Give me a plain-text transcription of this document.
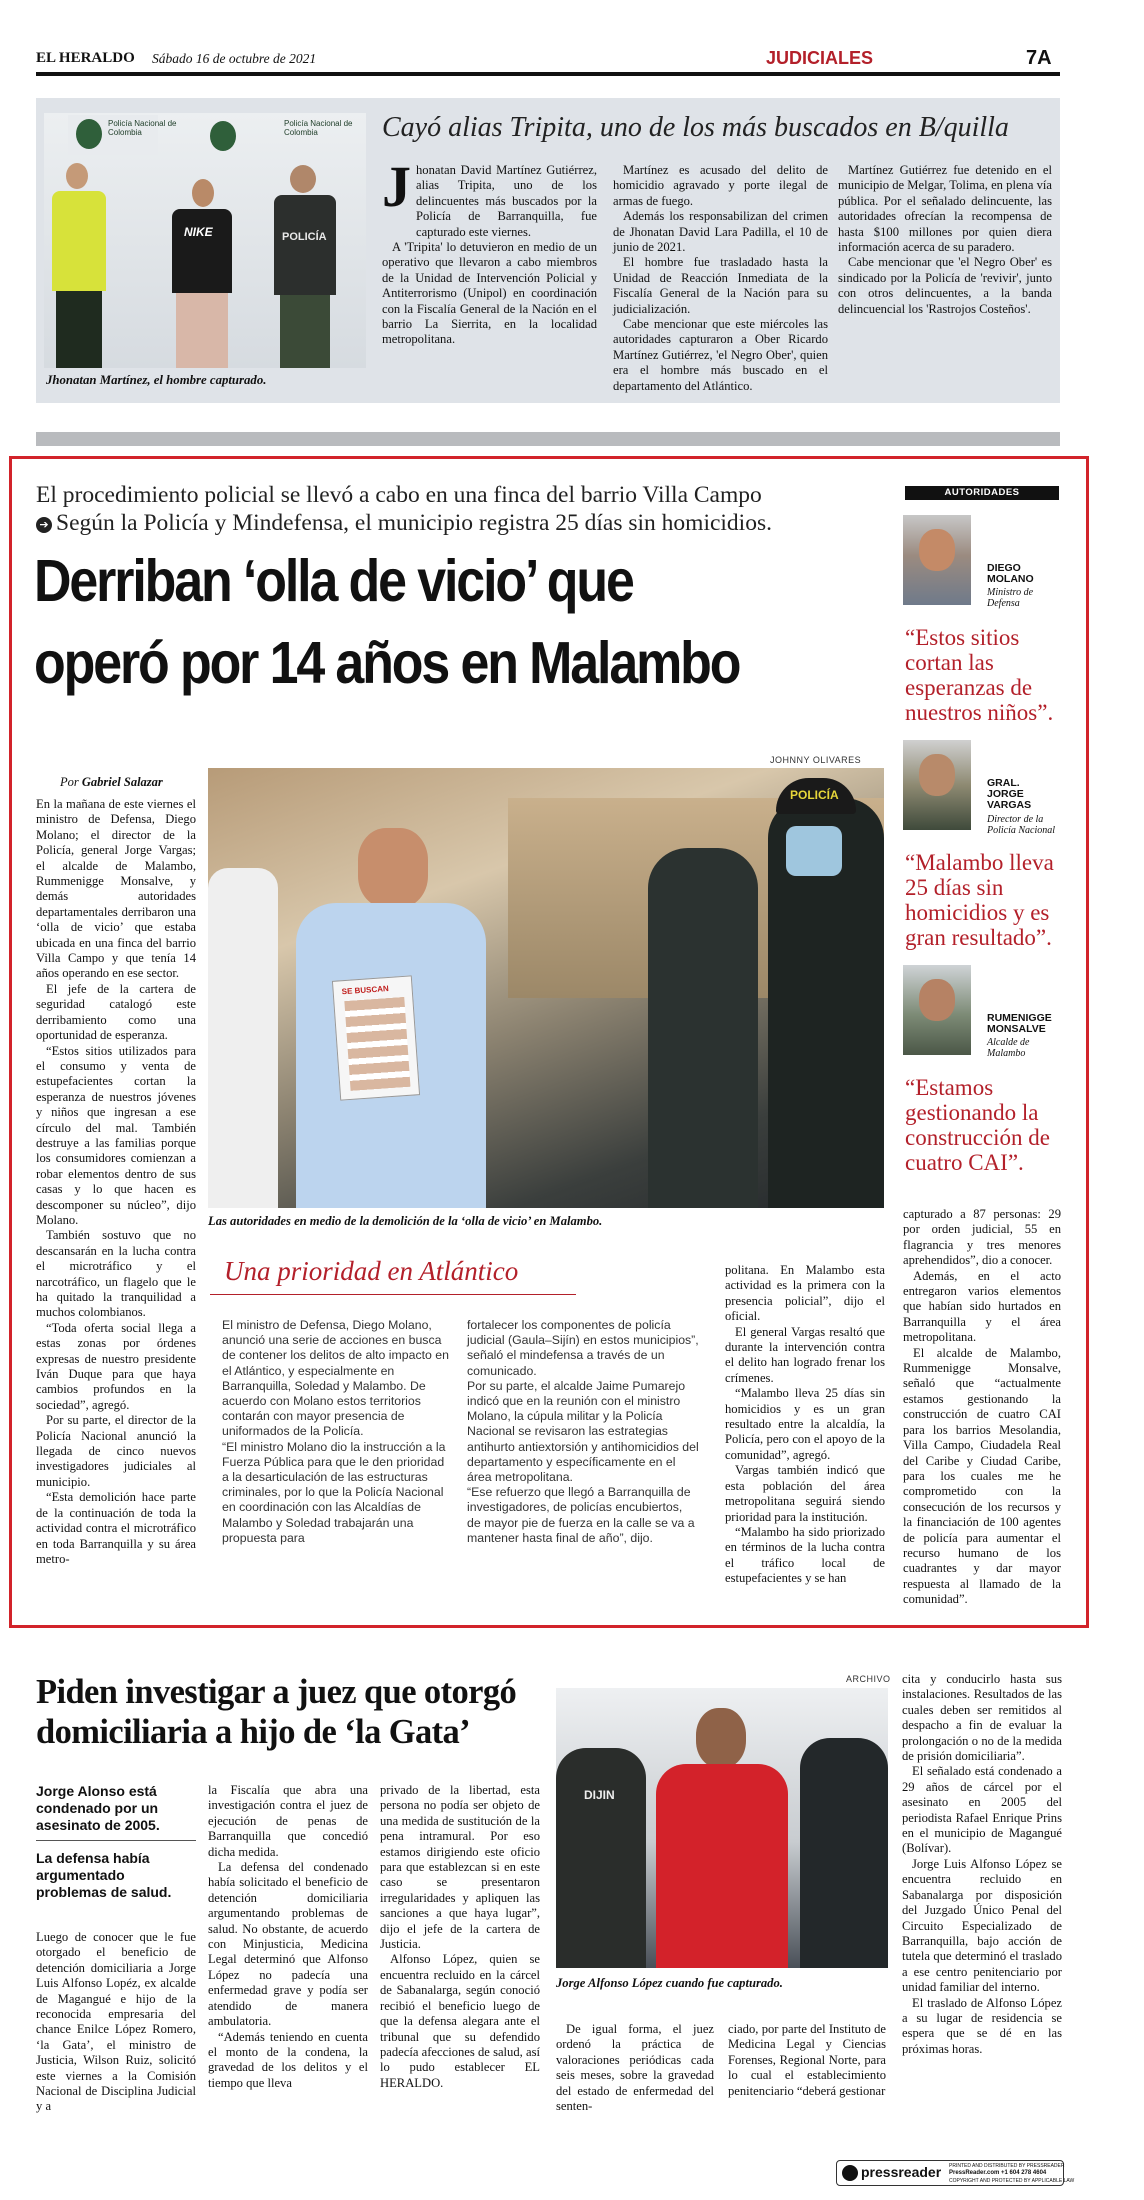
EL HERALDO Sábado 16 de octubre de 2021	JUDICIALES	7A
Policía Nacional de Colombia
Policía Nacional de Colombia
NIKE	POLICÍA
Jhonatan Martínez, el hombre capturado.
Cayó alias Tripita, uno de los más buscados en B/quilla
J honatan David Martínez Gutiérrez, alias Tripita, uno de los delincuentes más buscados por la Policía de Barranquilla, fue capturado este viernes.

A 'Tripita' lo detuvieron en medio de un operativo que llevaron a cabo miembros de la Unidad de Intervención Policial y Antiterrorismo (Unipol) en coordinación con la Fiscalía General de la Nación en el barrio La Sierrita, en la localidad metropolitana.

Martínez es acusado del delito de homicidio agravado y porte ilegal de armas de fuego.

Además los responsabilizan del crimen de Jhonatan David Lara Padilla, el 10 de junio de 2021.

El hombre fue trasladado hasta la Unidad de Reacción Inmediata de la Fiscalía General de la Nación para su judicialización.

Cabe mencionar que este miércoles las autoridades capturaron a Ober Ricardo Martínez Gutiérrez, 'el Negro Ober', quien era el hombre más buscado en el departamento del Atlántico.

Martínez Gutiérrez fue detenido en el municipio de Melgar, Tolima, en plena vía pública. Por el señalado delincuente, las autoridades ofrecían la recompensa de hasta $100 millones por quien diera información acerca de su paradero.

Cabe mencionar que 'el Negro Ober' es sindicado por la Policía de 'revivir', junto con otros delincuentes, a la banda delincuencial los 'Rastrojos Costeños'.

El procedimiento policial se llevó a cabo en una finca del barrio Villa Campo
➔ Según la Policía y Mindefensa, el municipio registra 25 días sin homicidios.
Derriban ‘olla de vicio’ que
operó por 14 años en Malambo
Por Gabriel Salazar
JOHNNY OLIVARES
SE BUSCAN
POLICÍA
Las autoridades en medio de la demolición de la ‘olla de vicio’ en Malambo.

En la mañana de este viernes el ministro de Defensa, Diego Molano; el director de la Policía, general Jorge Vargas; el alcalde de Malambo, Rummenigge Monsalve, y demás autoridades departamentales derribaron una ‘olla de vicio’ que estaba ubicada en una finca del barrio Villa Campo y que tenía 14 años operando en ese sector.

El jefe de la cartera de seguridad catalogó este derribamiento como una oportunidad de esperanza.

“Estos sitios utilizados para el consumo y venta de estupefacientes cortan la esperanza de nuestros jóvenes y niños que ingresan a ese círculo del mal. También destruye a las familias porque los consumidores comienzan a robar elementos dentro de sus casas y lo que hacen es descomponer su núcleo”, dijo Molano.

También sostuvo que no descansarán en la lucha contra el microtráfico y el narcotráfico, un flagelo que le ha quitado la tranquilidad a muchos colombianos.

“Toda oferta social llega a estas zonas por órdenes expresas de nuestro presidente Iván Duque para que haya cambios profundos en la sociedad”, agregó.

Por su parte, el director de la Policía Nacional anunció la llegada de cinco nuevos investigadores judiciales al municipio.

“Esta demolición hace parte de la continuación de toda la actividad contra el microtráfico en toda Barranquilla y su área metro-

Una prioridad en Atlántico
El ministro de Defensa, Diego Molano, anunció una serie de acciones en busca de contener los delitos de alto impacto en el Atlántico, y especialmente en Barranquilla, Soledad y Malambo. De acuerdo con Molano estos territorios contarán con mayor presencia de uniformados de la Policía.
“El ministro Molano dio la instrucción a la Fuerza Pública para que le den prioridad a la desarticulación de las estructuras criminales, por lo que la Policía Nacional en coordinación con las Alcaldías de Malambo y Soledad trabajarán una propuesta para
fortalecer los componentes de policía judicial (Gaula–Sijín) en estos municipios”, señaló el mindefensa a través de un comunicado.
Por su parte, el alcalde Jaime Pumarejo indicó que en la reunión con el ministro Molano, la cúpula militar y la Policía Nacional se revisaron las estrategias antihurto antiextorsión y antihomicidios del departamento y específicamente en el área metropolitana.
“Ese refuerzo que llegó a Barranquilla de investigadores, de policías encubiertos, de mayor pie de fuerza en la calle se va a mantener hasta final de año”, dijo.

politana. En Malambo esta actividad es la primera con la presencia policial”, dijo el oficial.

El general Vargas resaltó que durante la intervención contra el delito han logrado frenar los crímenes.

“Malambo lleva 25 días sin homicidios y es un gran resultado entre la alcaldía, la Policía, pero con el apoyo de la comunidad”, agregó.

Vargas también indicó que esta población del área metropolitana seguirá siendo prioridad para la institución.

“Malambo ha sido priorizado en términos de la lucha contra el tráfico local de estupefacientes y se han

capturado a 87 personas: 29 por orden judicial, 55 en flagrancia y tres menores aprehendidos”, dio a conocer.

Además, en el acto entregaron varios elementos que habían sido hurtados en Barranquilla y el área metropolitana.

El alcalde de Malambo, Rummenigge Monsalve, señaló que “actualmente estamos gestionando la construcción de cuatro CAI para los barrios Mesolandia, Villa Campo, Ciudadela Real del Caribe y Ciudad Caribe, para los cuales me he comprometido con la consecución de los recursos y la financiación de 100 agentes de policía para aumentar el recurso humano de los cuadrantes y dar mayor respuesta al llamado de la comunidad”.

AUTORIDADES
DIEGO MOLANO
Ministro de Defensa
“Estos sitios cortan las esperanzas de nuestros niños”.
GRAL. JORGE VARGAS
Director de la Policía Nacional
“Malambo lleva 25 días sin homicidios y es gran resultado”.
RUMENIGGE MONSALVE
Alcalde de Malambo
“Estamos gestionando la construcción de cuatro CAI”.
Piden investigar a juez que otorgó
domiciliaria a hijo de ‘la Gata’
Jorge Alonso está condenado por un asesinato de 2005.
La defensa había argumentado problemas de salud.

Luego de conocer que le fue otorgado el beneficio de detención domiciliaria a Jorge Luis Alfonso Lopéz, ex alcalde de Magangué e hijo de la reconocida empresaria del chance Enilce López Romero, ‘la Gata’, el ministro de Justicia, Wilson Ruiz, solicitó este viernes a la Comisión Nacional de Disciplina Judicial y a

la Fiscalía que abra una investigación contra el juez de ejecución de penas de Barranquilla que concedió dicha medida.

La defensa del condenado había solicitado el beneficio de detención domiciliaria argumentando problemas de salud. No obstante, de acuerdo con Minjusticia, Medicina Legal determinó que Alfonso López no padecía una enfermedad grave y podía ser atendido de manera ambulatoria.

“Además teniendo en cuenta el monto de la condena, la gravedad de los delitos y el tiempo que lleva

privado de la libertad, esta persona no podía ser objeto de una medida de sustitución de la pena intramural. Por eso estamos dirigiendo este oficio para que establezcan si en este caso se presentaron irregularidades y apliquen las sanciones a que haya lugar”, dijo el jefe de la cartera de Justicia.

Alfonso López, quien se encuentra recluido en la cárcel de Sabanalarga, según conoció recibió el beneficio luego de que la defensa alegara ante el tribunal que su defendido padecía afecciones de salud, así lo pudo establecer EL HERALDO.

ARCHIVO
DIJIN
Jorge Alfonso López cuando fue capturado.

De igual forma, el juez ordenó la práctica de valoraciones periódicas cada seis meses, sobre la gravedad del estado de enfermedad del senten-

ciado, por parte del Instituto de Medicina Legal y Ciencias Forenses, Regional Norte, para lo cual el establecimiento penitenciario “deberá gestionar

cita y conducirlo hasta sus instalaciones. Resultados de las cuales deben ser remitidos al despacho a fin de evaluar la prolongación o no de la medida de prisión domiciliaria”.

El señalado está condenado a 29 años de cárcel por el asesinato en 2005 del periodista Rafael Enrique Prins en el municipio de Magangué (Bolívar).

Jorge Luis Alfonso López se encuentra recluido en Sabanalarga por disposición del Juzgado Único Penal del Circuito Especializado de Barranquilla, bajo acción de tutela que determinó el traslado a ese centro penitenciario por unidad familiar del interno.

El traslado de Alfonso López a su lugar de residencia se espera que se dé en las próximas horas.

pressreader PRINTED AND DISTRIBUTED BY PRESSREADER
PressReader.com +1 604 278 4604
COPYRIGHT AND PROTECTED BY APPLICABLE LAW
